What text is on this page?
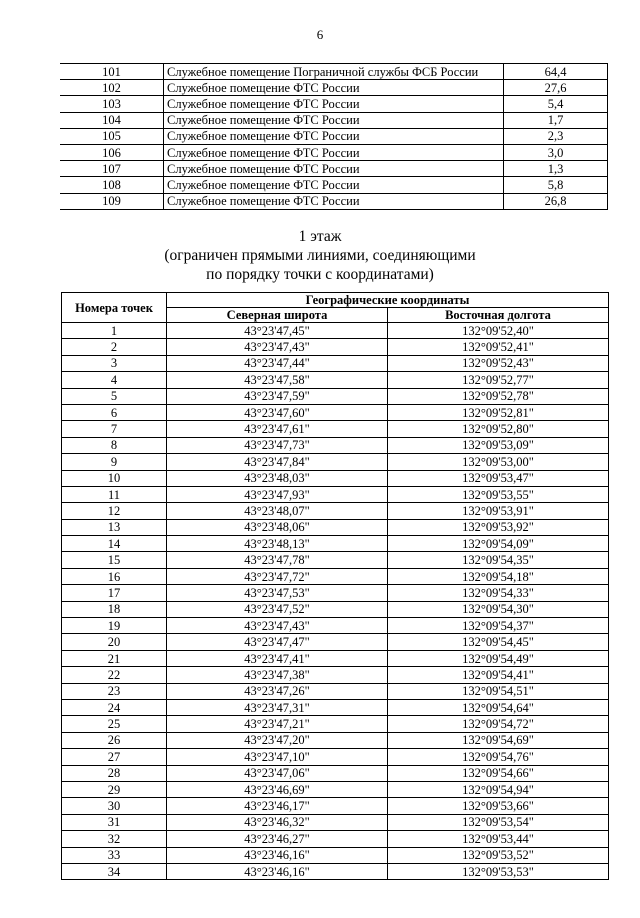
6
101	Служебное помещение Пограничной службы ФСБ России	64,4
102	Служебное помещение ФТС России	27,6
103	Служебное помещение ФТС России	5,4
104	Служебное помещение ФТС России	1,7
105	Служебное помещение ФТС России	2,3
106	Служебное помещение ФТС России	3,0
107	Служебное помещение ФТС России	1,3
108	Служебное помещение ФТС России	5,8
109	Служебное помещение ФТС России	26,8
1 этаж
(ограничен прямыми линиями, соединяющими
по порядку точки с координатами)
Номера точек	Географические координаты	
	Северная широта	Восточная долгота
1	43°23'47,45"	132°09'52,40"
2	43°23'47,43"	132°09'52,41"
3	43°23'47,44"	132°09'52,43"
4	43°23'47,58"	132°09'52,77"
5	43°23'47,59"	132°09'52,78"
6	43°23'47,60"	132°09'52,81"
7	43°23'47,61"	132°09'52,80"
8	43°23'47,73"	132°09'53,09"
9	43°23'47,84"	132°09'53,00"
10	43°23'48,03"	132°09'53,47"
11	43°23'47,93"	132°09'53,55"
12	43°23'48,07"	132°09'53,91"
13	43°23'48,06"	132°09'53,92"
14	43°23'48,13"	132°09'54,09"
15	43°23'47,78"	132°09'54,35"
16	43°23'47,72"	132°09'54,18"
17	43°23'47,53"	132°09'54,33"
18	43°23'47,52"	132°09'54,30"
19	43°23'47,43"	132°09'54,37"
20	43°23'47,47"	132°09'54,45"
21	43°23'47,41"	132°09'54,49"
22	43°23'47,38"	132°09'54,41"
23	43°23'47,26"	132°09'54,51"
24	43°23'47,31"	132°09'54,64"
25	43°23'47,21"	132°09'54,72"
26	43°23'47,20"	132°09'54,69"
27	43°23'47,10"	132°09'54,76"
28	43°23'47,06"	132°09'54,66"
29	43°23'46,69"	132°09'54,94"
30	43°23'46,17"	132°09'53,66"
31	43°23'46,32"	132°09'53,54"
32	43°23'46,27"	132°09'53,44"
33	43°23'46,16"	132°09'53,52"
34	43°23'46,16"	132°09'53,53"
